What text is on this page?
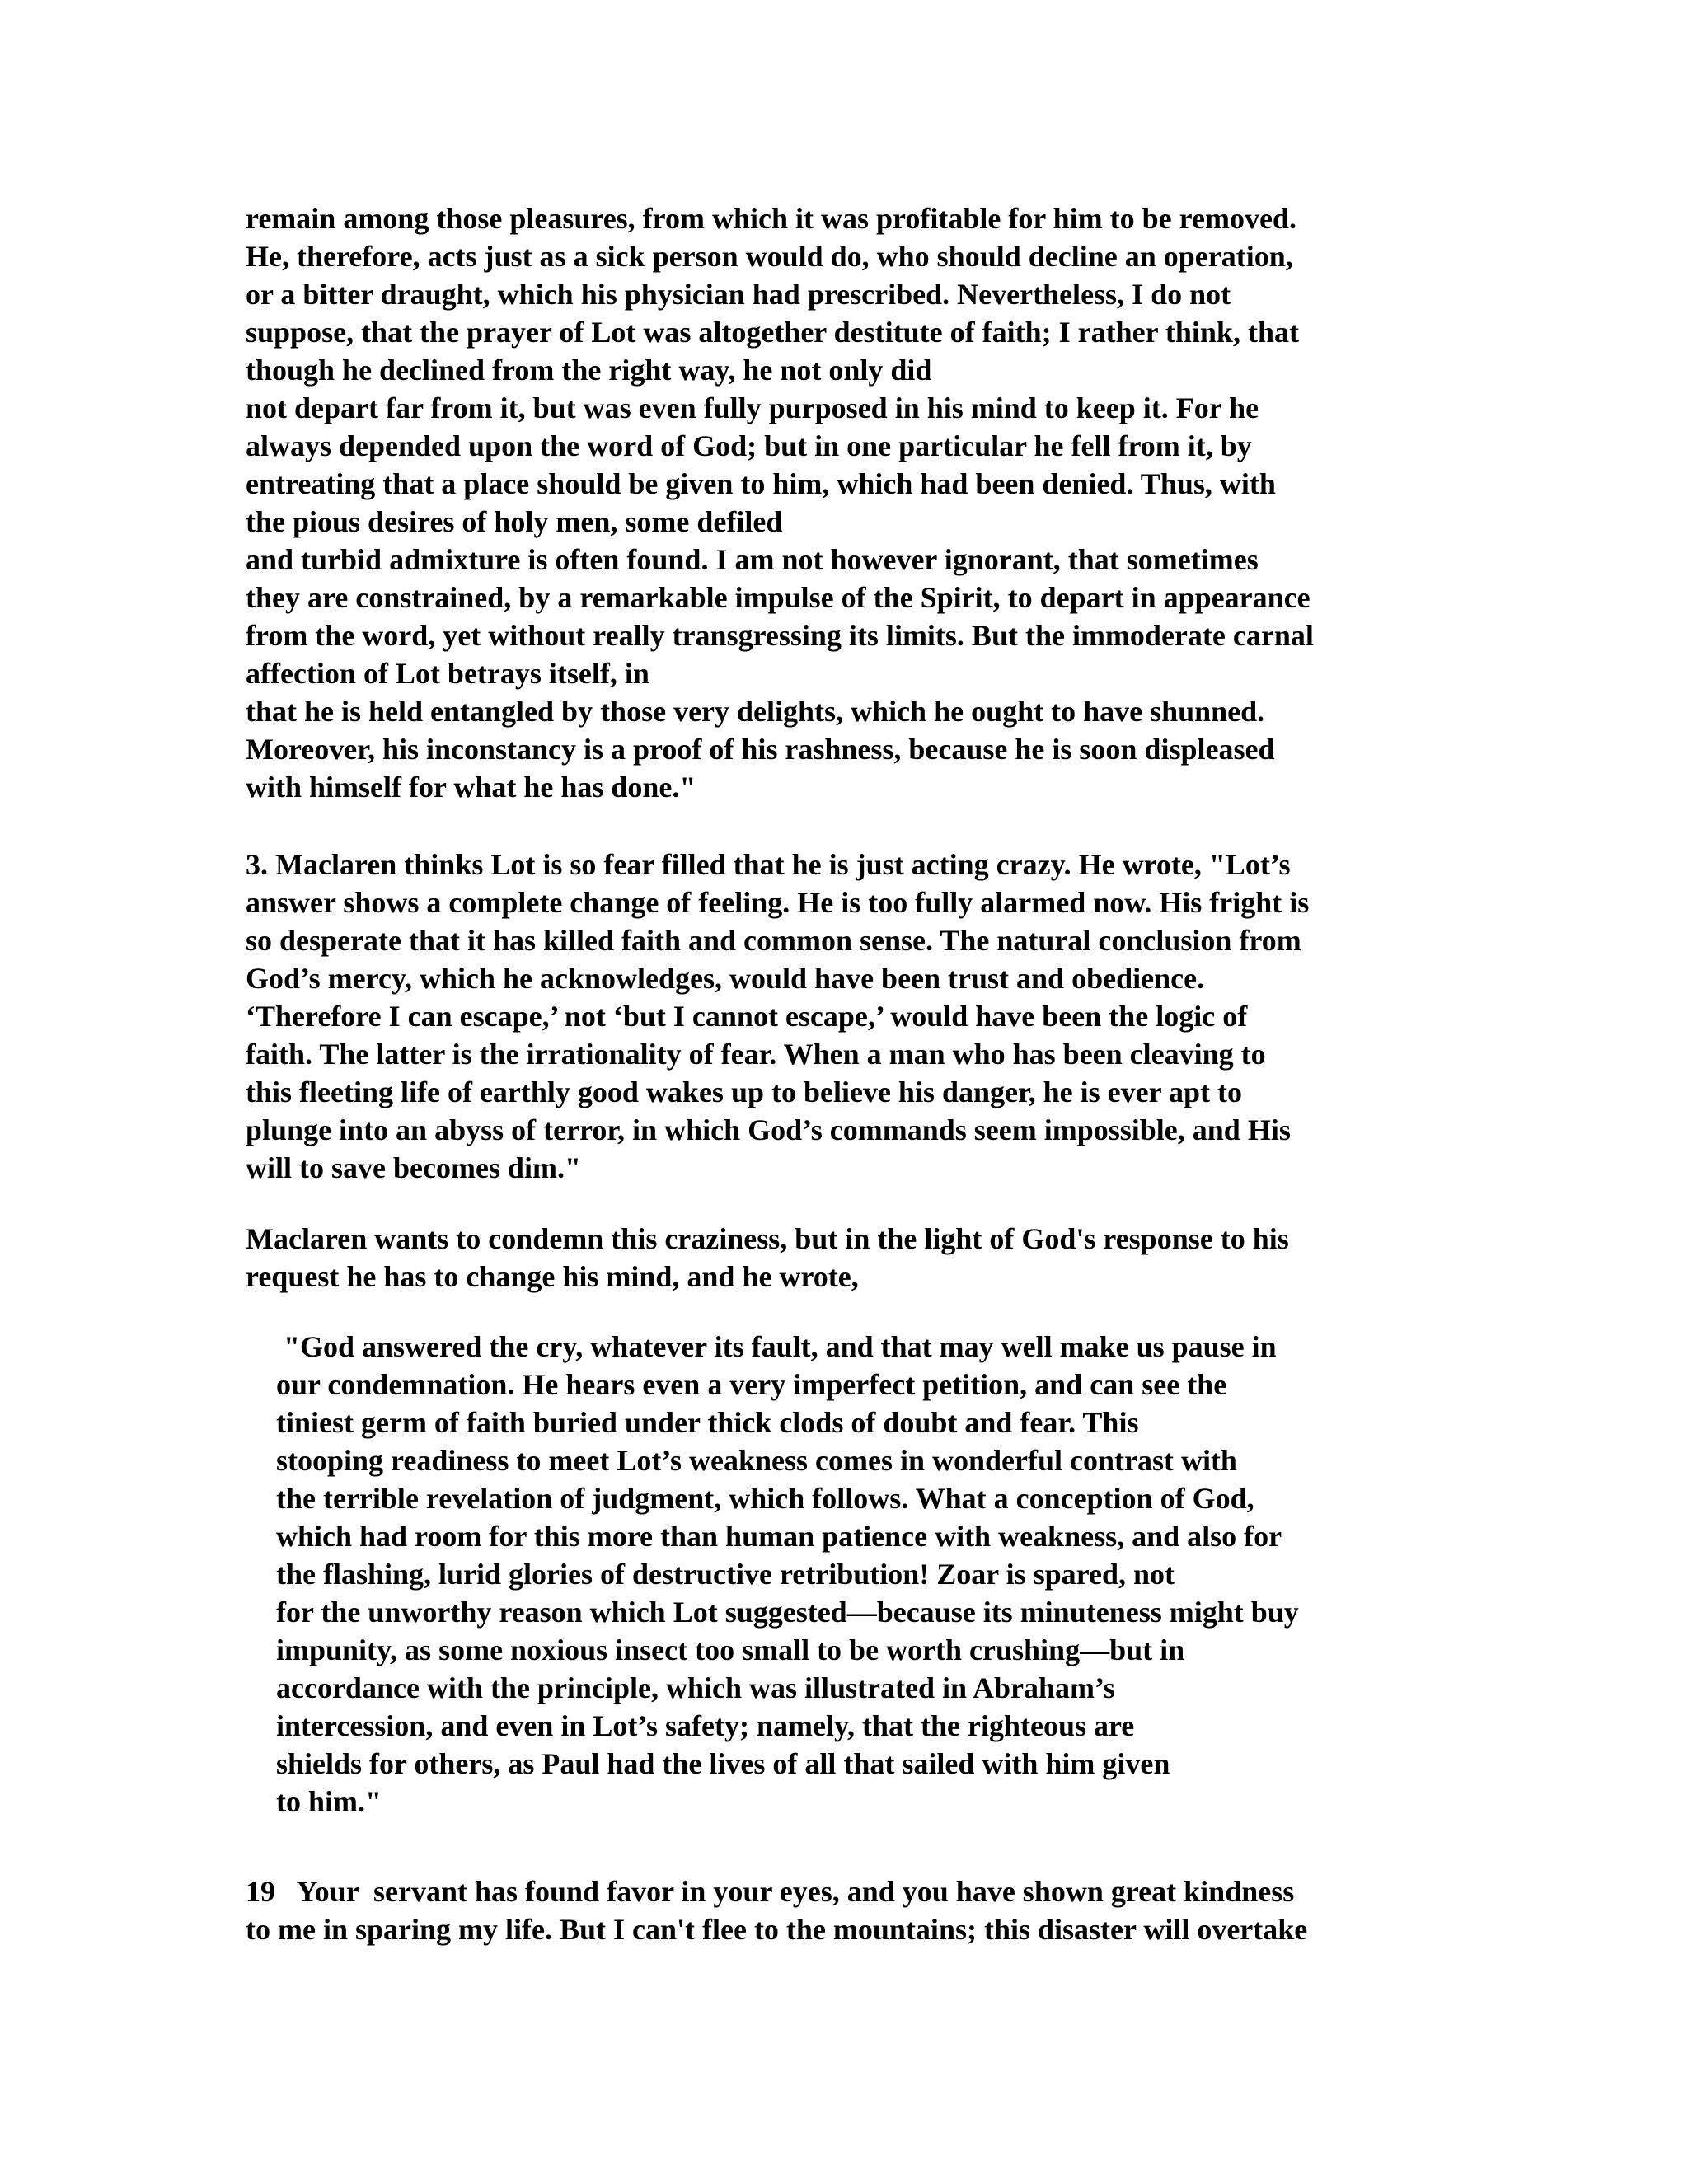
remain among those pleasures, from which it was profitable for him to be removed.
He, therefore, acts just as a sick person would do, who should decline an operation,
or a bitter draught, which his physician had prescribed. Nevertheless, I do not
suppose, that the prayer of Lot was altogether destitute of faith; I rather think, that
though he declined from the right way, he not only did
not depart far from it, but was even fully purposed in his mind to keep it. For he
always depended upon the word of God; but in one particular he fell from it, by
entreating that a place should be given to him, which had been denied. Thus, with
the pious desires of holy men, some defiled
and turbid admixture is often found. I am not however ignorant, that sometimes
they are constrained, by a remarkable impulse of the Spirit, to depart in appearance
from the word, yet without really transgressing its limits. But the immoderate carnal
affection of Lot betrays itself, in
that he is held entangled by those very delights, which he ought to have shunned.
Moreover, his inconstancy is a proof of his rashness, because he is soon displeased
with himself for what he has done."
3. Maclaren thinks Lot is so fear filled that he is just acting crazy. He wrote, "Lot’s
answer shows a complete change of feeling. He is too fully alarmed now. His fright is
so desperate that it has killed faith and common sense. The natural conclusion from
God’s mercy, which he acknowledges, would have been trust and obedience.
‘Therefore I can escape,’ not ‘but I cannot escape,’ would have been the logic of
faith. The latter is the irrationality of fear. When a man who has been cleaving to
this fleeting life of earthly good wakes up to believe his danger, he is ever apt to
plunge into an abyss of terror, in which God’s commands seem impossible, and His
will to save becomes dim."
Maclaren wants to condemn this craziness, but in the light of God's response to his
request he has to change his mind, and he wrote,
"God answered the cry, whatever its fault, and that may well make us pause in
our condemnation. He hears even a very imperfect petition, and can see the
tiniest germ of faith buried under thick clods of doubt and fear. This
stooping readiness to meet Lot’s weakness comes in wonderful contrast with
the terrible revelation of judgment, which follows. What a conception of God,
which had room for this more than human patience with weakness, and also for
the flashing, lurid glories of destructive retribution! Zoar is spared, not
for the unworthy reason which Lot suggested—because its minuteness might buy
impunity, as some noxious insect too small to be worth crushing—but in
accordance with the principle, which was illustrated in Abraham’s
intercession, and even in Lot’s safety; namely, that the righteous are
shields for others, as Paul had the lives of all that sailed with him given
to him."
19   Your  servant has found favor in your eyes, and you have shown great kindness
to me in sparing my life. But I can't flee to the mountains; this disaster will overtake
